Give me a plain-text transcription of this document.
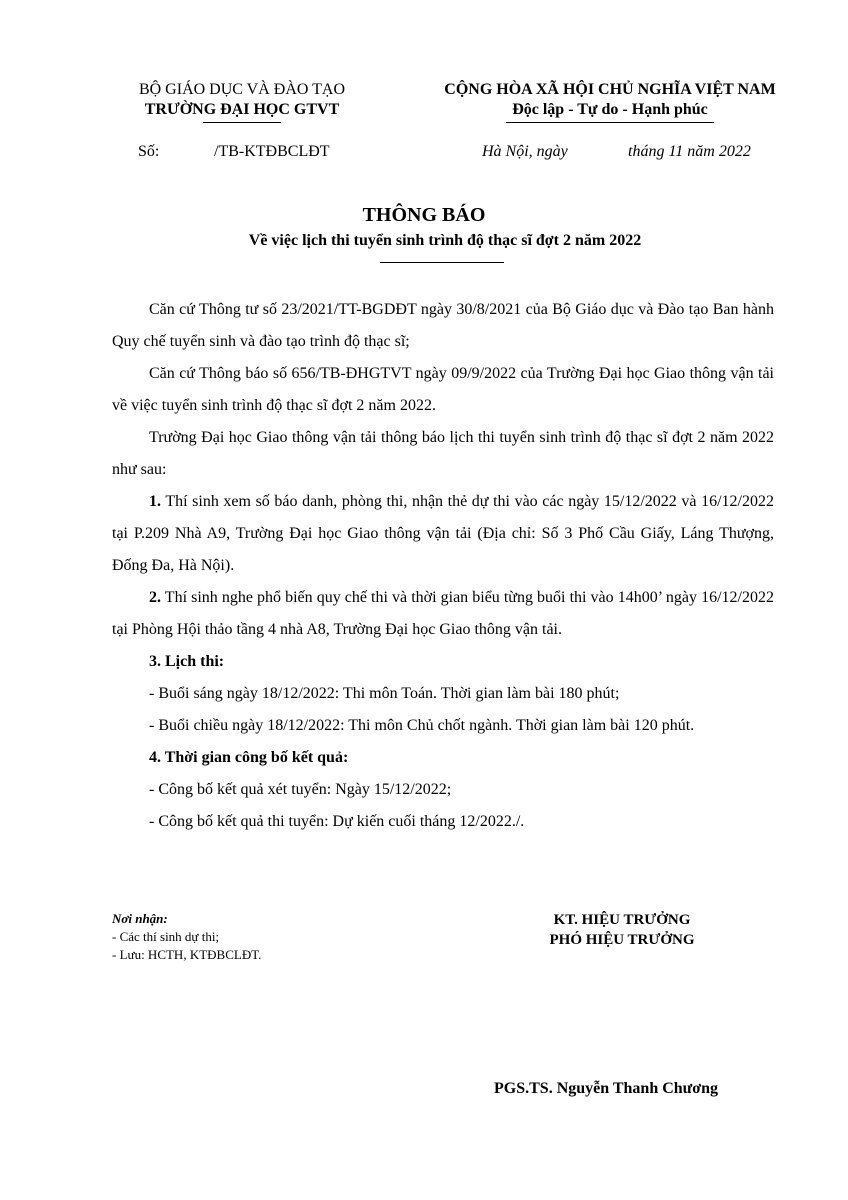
BỘ GIÁO DỤC VÀ ĐÀO TẠO
TRƯỜNG ĐẠI HỌC GTVT
CỘNG HÒA XÃ HỘI CHỦ NGHĨA VIỆT NAM
Độc lập - Tự do - Hạnh phúc
Số:	/TB-KTĐBCLĐT	Hà Nội, ngày	tháng 11 năm 2022
THÔNG BÁO
Về việc lịch thi tuyển sinh trình độ thạc sĩ đợt 2 năm 2022

Căn cứ Thông tư số 23/2021/TT-BGDĐT ngày 30/8/2021 của Bộ Giáo dục và Đào tạo Ban hành Quy chế tuyển sinh và đào tạo trình độ thạc sĩ;

Căn cứ Thông báo số 656/TB-ĐHGTVT ngày 09/9/2022 của Trường Đại học Giao thông vận tải về việc tuyển sinh trình độ thạc sĩ đợt 2 năm 2022.

Trường Đại học Giao thông vận tải thông báo lịch thi tuyển sinh trình độ thạc sĩ đợt 2 năm 2022 như sau:

1. Thí sinh xem số báo danh, phòng thi, nhận thẻ dự thi vào các ngày 15/12/2022 và 16/12/2022 tại P.209 Nhà A9, Trường Đại học Giao thông vận tải (Địa chỉ: Số 3 Phố Cầu Giấy, Láng Thượng, Đống Đa, Hà Nội).

2. Thí sinh nghe phổ biến quy chế thi và thời gian biểu từng buổi thi vào 14h00’ ngày 16/12/2022 tại Phòng Hội thảo tầng 4 nhà A8, Trường Đại học Giao thông vận tải.

3. Lịch thi:

- Buổi sáng ngày 18/12/2022: Thi môn Toán. Thời gian làm bài 180 phút;

- Buổi chiều ngày 18/12/2022: Thi môn Chủ chốt ngành. Thời gian làm bài 120 phút.

4. Thời gian công bố kết quả:

- Công bố kết quả xét tuyển: Ngày 15/12/2022;

- Công bố kết quả thi tuyển: Dự kiến cuối tháng 12/2022./.

Nơi nhận:
- Các thí sinh dự thi;
- Lưu: HCTH, KTĐBCLĐT.
KT. HIỆU TRƯỞNG
PHÓ HIỆU TRƯỞNG
PGS.TS. Nguyễn Thanh Chương
